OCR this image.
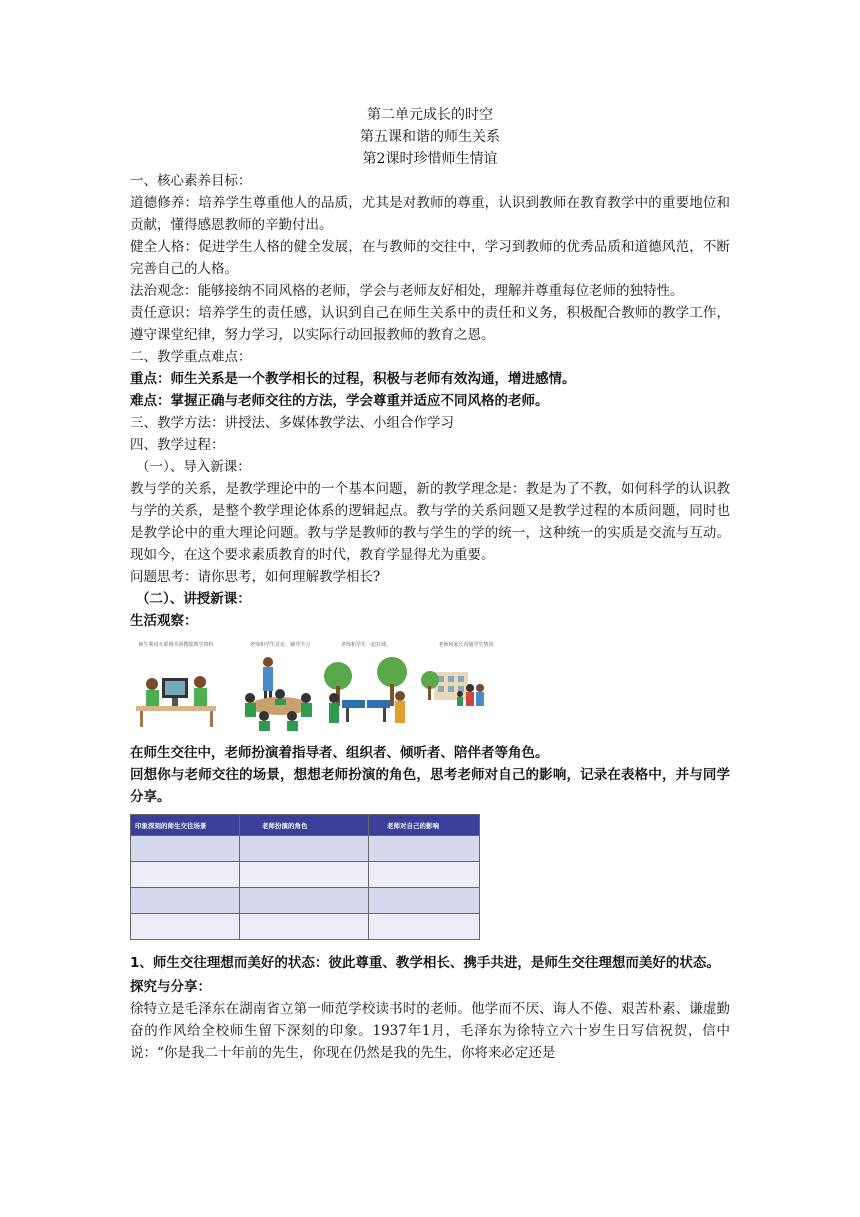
第二单元成长的时空

第五课和谐的师生关系

第2课时珍惜师生情谊

一、核心素养目标：

道德修养：培养学生尊重他人的品质，尤其是对教师的尊重，认识到教师在教育教学中的重要地位和贡献，懂得感恩教师的辛勤付出。

健全人格：促进学生人格的健全发展，在与教师的交往中，学习到教师的优秀品质和道德风范，不断完善自己的人格。

法治观念：能够接纳不同风格的老师，学会与老师友好相处，理解并尊重每位老师的独特性。

责任意识：培养学生的责任感，认识到自己在师生关系中的责任和义务，积极配合教师的教学工作，遵守课堂纪律，努力学习，以实际行动回报教师的教育之恩。

二、教学重点难点：

重点：师生关系是一个教学相长的过程，积极与老师有效沟通，增进感情。

难点：掌握正确与老师交往的方法，学会尊重并适应不同风格的老师。

三、教学方法：讲授法、多媒体教学法、小组合作学习

四、教学过程：

（一）、导入新课：

教与学的关系，是教学理论中的一个基本问题，新的教学理念是：教是为了不教，如何科学的认识教与学的关系，是整个教学理论体系的逻辑起点。教与学的关系问题又是教学过程的本质问题，同时也是教学论中的重大理论问题。教与学是教师的教与学生的学的统一，这种统一的实质是交流与互动。现如今，在这个要求素质教育的时代，教育学显得尤为重要。

问题思考：请你思考，如何理解教学相长?

（二）、讲授新课：

生活观察：

师生利用互联网共同搜集教学资料	老师和学生讨论、辅导学习	老师和学生一起打球。	老师和家长沟通学生情况

在师生交往中，老师扮演着指导者、组织者、倾听者、陪伴者等角色。

回想你与老师交往的场景，想想老师扮演的角色，思考老师对自己的影响，记录在表格中，并与同学分享。

印象深刻的师生交往场景	老师扮演的角色	老师对自己的影响

1、师生交往理想而美好的状态：彼此尊重、教学相长、携手共进，是师生交往理想而美好的状态。

探究与分享：

徐特立是毛泽东在湖南省立第一师范学校读书时的老师。他学而不厌、诲人不倦、艰苦朴素、谦虚勤奋的作风给全校师生留下深刻的印象。1937年1月，毛泽东为徐特立六十岁生日写信祝贺，信中说：“你是我二十年前的先生，你现在仍然是我的先生，你将来必定还是
